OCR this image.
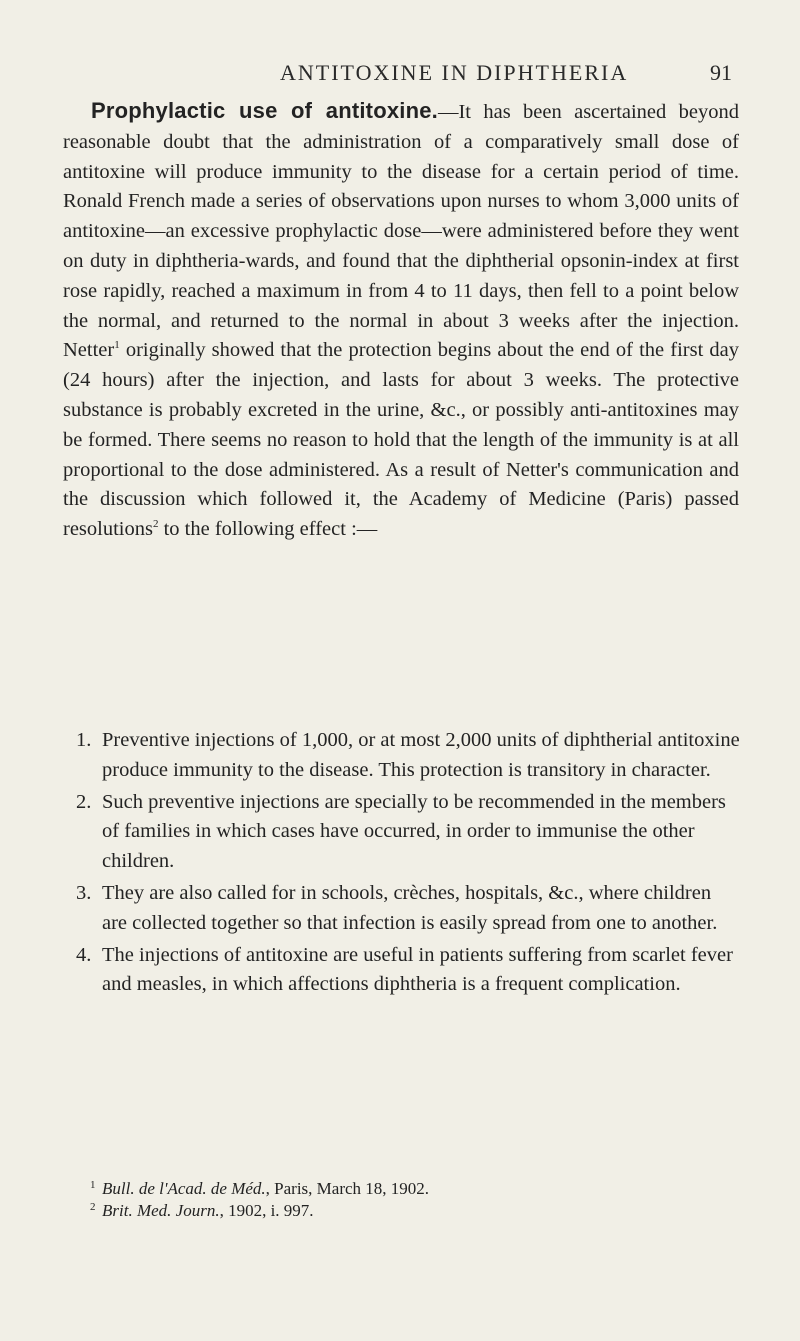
ANTITOXINE IN DIPHTHERIA	91

Prophylactic use of antitoxine.—It has been ascertained beyond reasonable doubt that the administration of a comparatively small dose of antitoxine will produce immunity to the disease for a certain period of time. Ronald French made a series of observations upon nurses to whom 3,000 units of antitoxine—an excessive prophylactic dose—were administered before they went on duty in diphtheria-wards, and found that the diphtherial opsonin-index at first rose rapidly, reached a maximum in from 4 to 11 days, then fell to a point below the normal, and returned to the normal in about 3 weeks after the injection. Netter$^1$ originally showed that the protection begins about the end of the first day (24 hours) after the injection, and lasts for about 3 weeks. The protective substance is probably excreted in the urine, &c., or possibly anti-antitoxines may be formed. There seems no reason to hold that the length of the immunity is at all proportional to the dose administered. As a result of Netter's communication and the discussion which followed it, the Academy of Medicine (Paris) passed resolutions$^2$ to the following effect :—

1. Preventive injections of 1,000, or at most 2,000 units of diphtherial antitoxine produce immunity to the disease. This protection is transitory in character.
2. Such preventive injections are specially to be recommended in the members of families in which cases have occurred, in order to immunise the other children.
3. They are also called for in schools, crèches, hospitals, &c., where children are collected together so that infection is easily spread from one to another.
4. The injections of antitoxine are useful in patients suffering from scarlet fever and measles, in which affections diphtheria is a frequent complication.
1 Bull. de l'Acad. de Méd., Paris, March 18, 1902.
2 Brit. Med. Journ., 1902, i. 997.
